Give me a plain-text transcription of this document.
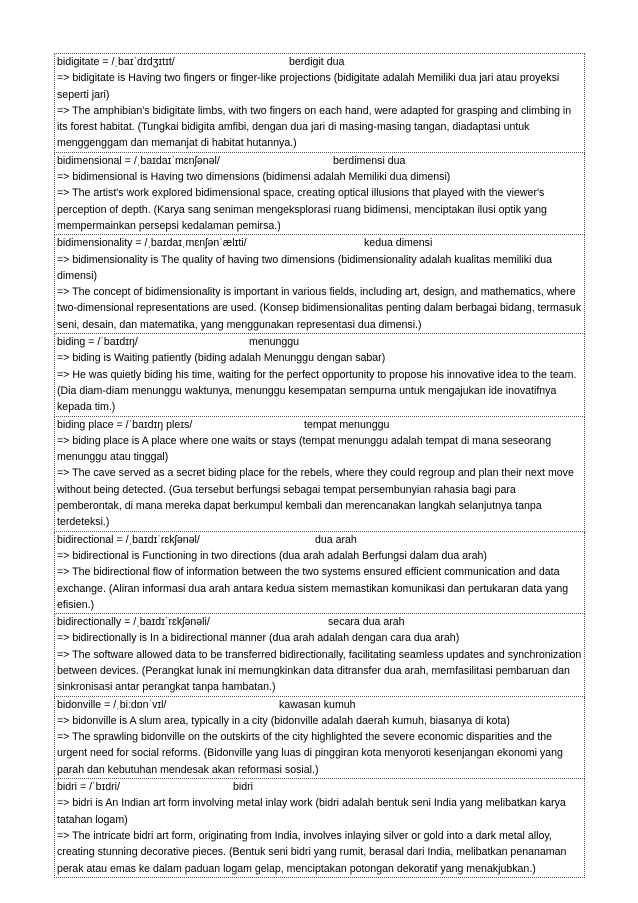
bidigitate = /ˌbaɪˈdɪdʒɪtɪt/	berdigit dua
=> bidigitate is Having two fingers or finger-like projections (bidigitate adalah Memiliki dua jari atau proyeksi seperti jari)
=> The amphibian's bidigitate limbs, with two fingers on each hand, were adapted for grasping and climbing in its forest habitat. (Tungkai bidigita amfibi, dengan dua jari di masing-masing tangan, diadaptasi untuk menggenggam dan memanjat di habitat hutannya.)
bidimensional = /ˌbaɪdaɪˈmɛnʃənəl/	berdimensi dua
=> bidimensional is Having two dimensions (bidimensi adalah Memiliki dua dimensi)
=> The artist's work explored bidimensional space, creating optical illusions that played with the viewer's perception of depth. (Karya sang seniman mengeksplorasi ruang bidimensi, menciptakan ilusi optik yang mempermainkan persepsi kedalaman pemirsa.)
bidimensionality = /ˌbaɪdaɪˌmɛnʃənˈælɪti/	kedua dimensi
=> bidimensionality is The quality of having two dimensions (bidimensionality adalah kualitas memiliki dua dimensi)
=> The concept of bidimensionality is important in various fields, including art, design, and mathematics, where two-dimensional representations are used. (Konsep bidimensionalitas penting dalam berbagai bidang, termasuk seni, desain, dan matematika, yang menggunakan representasi dua dimensi.)
biding = /ˈbaɪdɪŋ/	menunggu
=> biding is Waiting patiently (biding adalah Menunggu dengan sabar)
=> He was quietly biding his time, waiting for the perfect opportunity to propose his innovative idea to the team. (Dia diam-diam menunggu waktunya, menunggu kesempatan sempurna untuk mengajukan ide inovatifnya kepada tim.)
biding place = /ˈbaɪdɪŋ pleɪs/	tempat menunggu
=> biding place is A place where one waits or stays (tempat menunggu adalah tempat di mana seseorang menunggu atau tinggal)
=> The cave served as a secret biding place for the rebels, where they could regroup and plan their next move without being detected. (Gua tersebut berfungsi sebagai tempat persembunyian rahasia bagi para pemberontak, di mana mereka dapat berkumpul kembali dan merencanakan langkah selanjutnya tanpa terdeteksi.)
bidirectional = /ˌbaɪdɪˈrɛkʃənəl/	dua arah
=> bidirectional is Functioning in two directions (dua arah adalah Berfungsi dalam dua arah)
=> The bidirectional flow of information between the two systems ensured efficient communication and data exchange. (Aliran informasi dua arah antara kedua sistem memastikan komunikasi dan pertukaran data yang efisien.)
bidirectionally = /ˌbaɪdɪˈrɛkʃənəli/	secara dua arah
=> bidirectionally is In a bidirectional manner (dua arah adalah dengan cara dua arah)
=> The software allowed data to be transferred bidirectionally, facilitating seamless updates and synchronization between devices. (Perangkat lunak ini memungkinkan data ditransfer dua arah, memfasilitasi pembaruan dan sinkronisasi antar perangkat tanpa hambatan.)
bidonville = /ˌbiːdɒnˈvɪl/	kawasan kumuh
=> bidonville is A slum area, typically in a city (bidonville adalah daerah kumuh, biasanya di kota)
=> The sprawling bidonville on the outskirts of the city highlighted the severe economic disparities and the urgent need for social reforms. (Bidonville yang luas di pinggiran kota menyoroti kesenjangan ekonomi yang parah dan kebutuhan mendesak akan reformasi sosial.)
bidri = /ˈbɪdri/	bidri
=> bidri is An Indian art form involving metal inlay work (bidri adalah bentuk seni India yang melibatkan karya tatahan logam)
=> The intricate bidri art form, originating from India, involves inlaying silver or gold into a dark metal alloy, creating stunning decorative pieces. (Bentuk seni bidri yang rumit, berasal dari India, melibatkan penanaman perak atau emas ke dalam paduan logam gelap, menciptakan potongan dekoratif yang menakjubkan.)
